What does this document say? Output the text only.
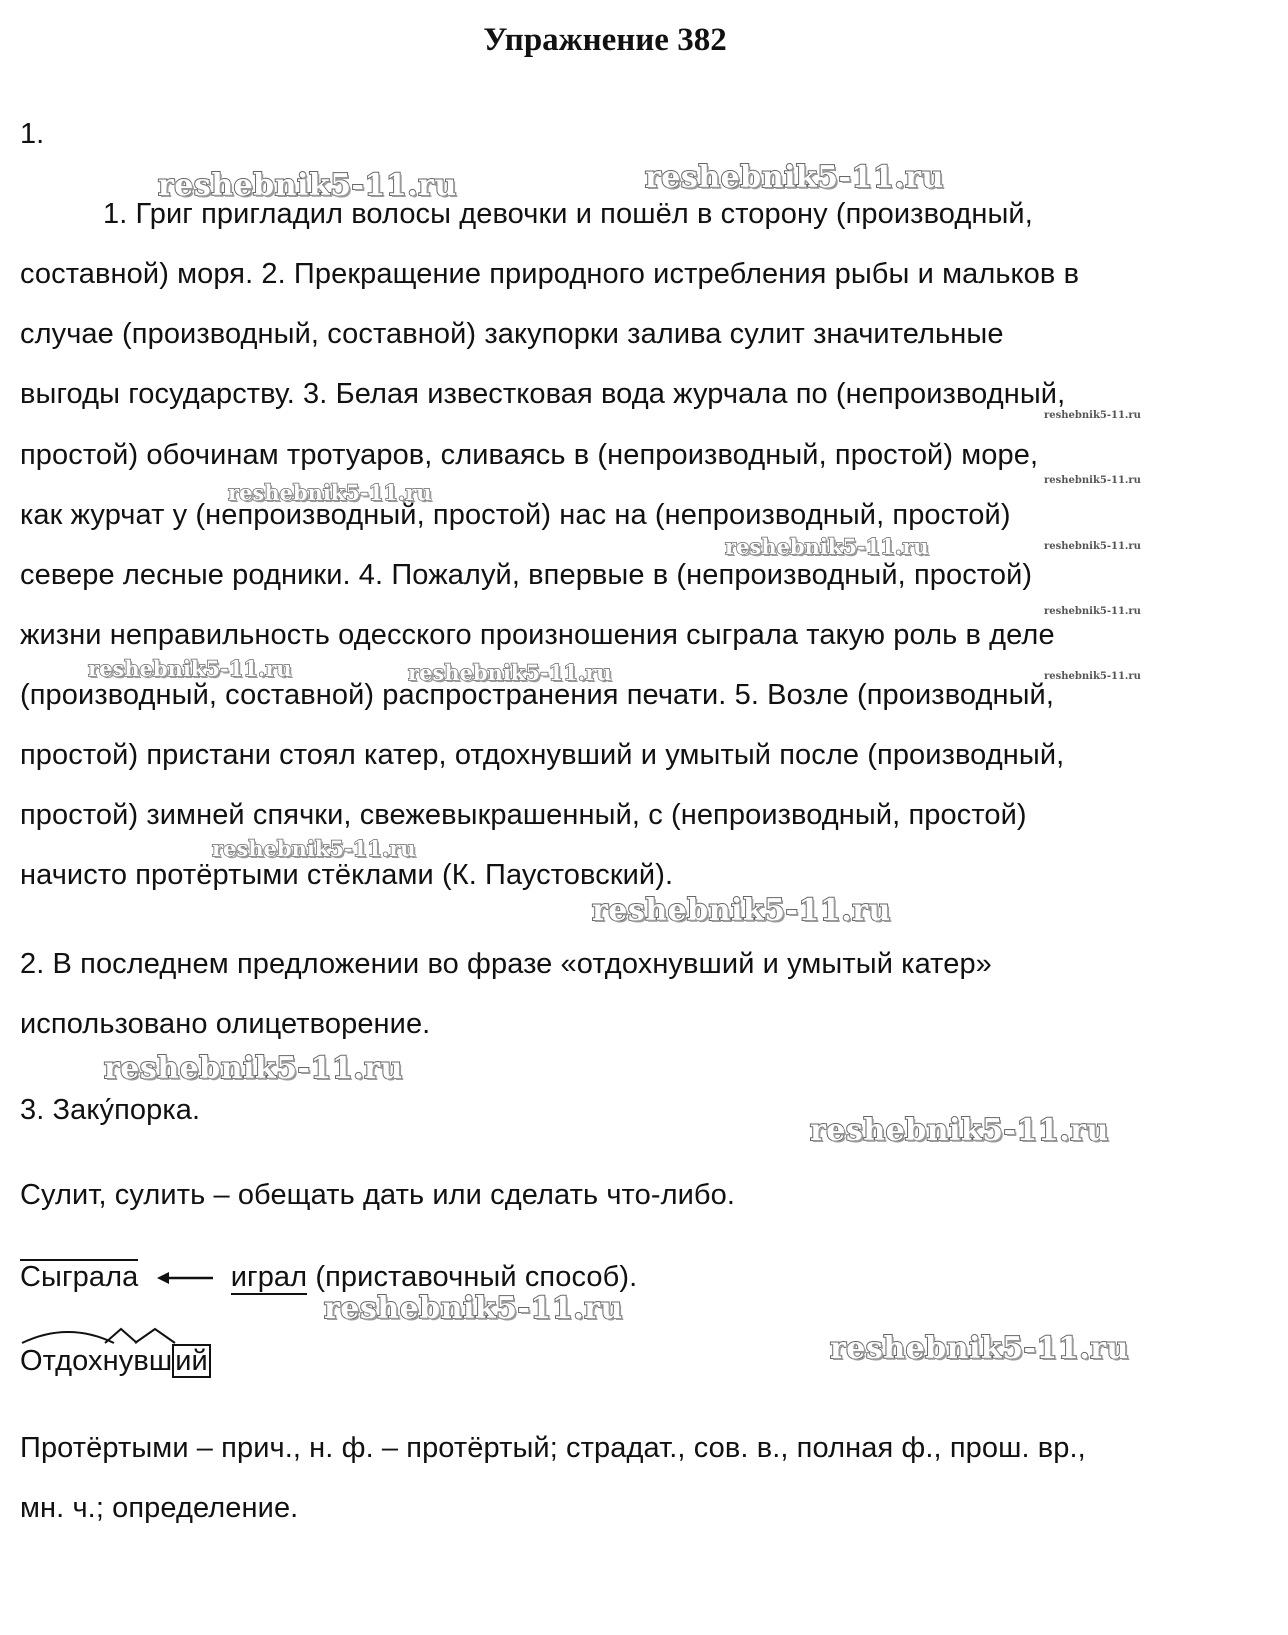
Упражнение 382
1.
1. Григ пригладил волосы девочки и пошёл в сторону (производный,
составной) моря. 2. Прекращение природного истребления рыбы и мальков в
случае (производный, составной) закупорки залива сулит значительные
выгоды государству. 3. Белая известковая вода журчала по (непроизводный,
простой) обочинам тротуаров, сливаясь в (непроизводный, простой) море,
как журчат у (непроизводный, простой) нас на (непроизводный, простой)
севере лесные родники. 4. Пожалуй, впервые в (непроизводный, простой)
жизни неправильность одесского произношения сыграла такую роль в деле
(производный, составной) распространения печати. 5. Возле (производный,
простой) пристани стоял катер, отдохнувший и умытый после (производный,
простой) зимней спячки, свежевыкрашенный, с (непроизводный, простой)
начисто протёртыми стёклами (К. Паустовский).
2. В последнем предложении во фразе «отдохнувший и умытый катер»
использовано олицетворение.
3. Заку́порка.
Сулит, сулить – обещать дать или сделать что-либо.
Сыграла	играл (приставочный способ).
Отдох
ну
вш ий
Протёртыми – прич., н. ф. – протёртый; страдат., сов. в., полная ф., прош. вр.,
мн. ч.; определение.
reshebnik5-11.ru	reshebnik5-11.ru
reshebnik5-11.ru
reshebnik5-11.ru
reshebnik5-11.ru	reshebnik5-11.ru
reshebnik5-11.ru
reshebnik5-11.ru
reshebnik5-11.ru
reshebnik5-11.ru
reshebnik5-11.ru
reshebnik5-11.ru
reshebnik5-11.ru
reshebnik5-11.ru
reshebnik5-11.ru
reshebnik5-11.ru
reshebnik5-11.ru
